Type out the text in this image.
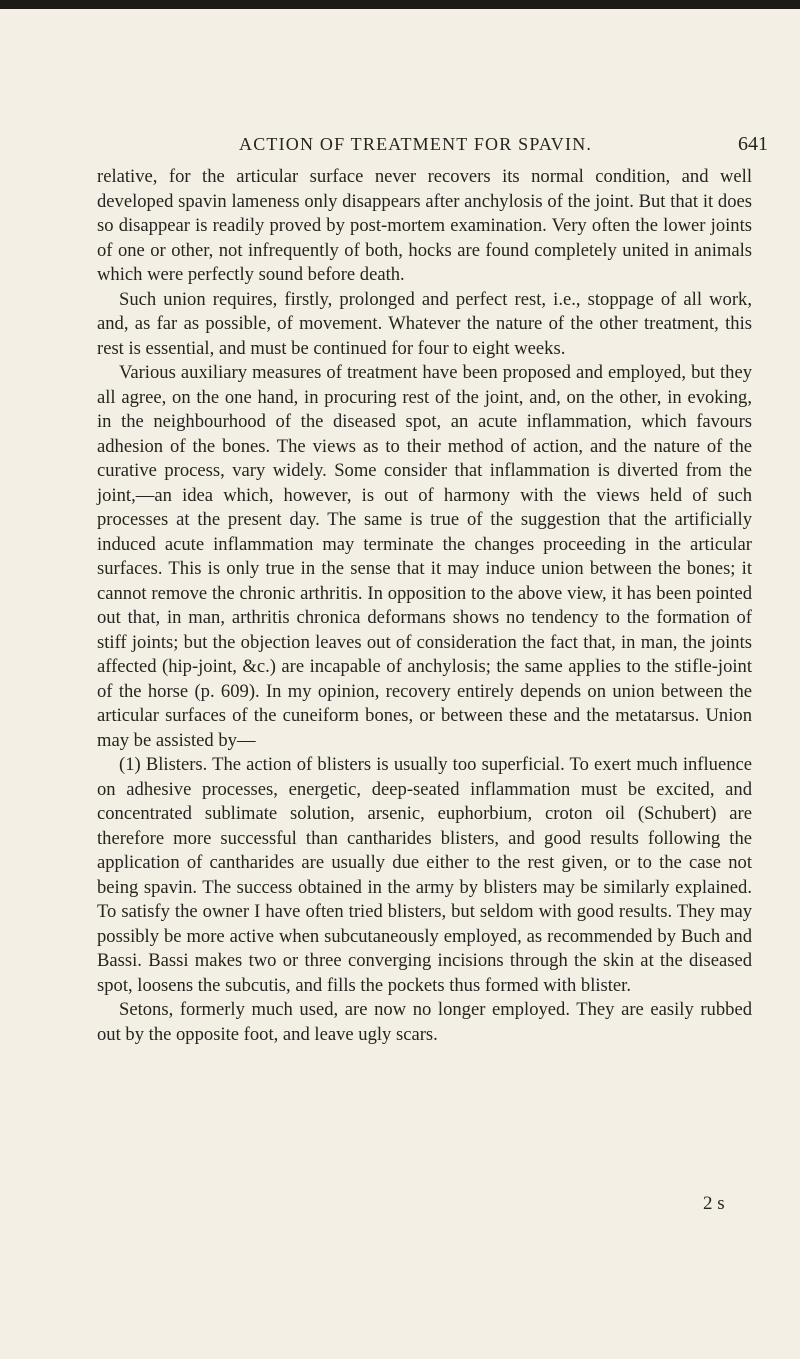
ACTION OF TREATMENT FOR SPAVIN.	641

relative, for the articular surface never recovers its normal condition, and well developed spavin lameness only disappears after anchylosis of the joint. But that it does so disappear is readily proved by post-mortem examination. Very often the lower joints of one or other, not infrequently of both, hocks are found completely united in animals which were perfectly sound before death.

Such union requires, firstly, prolonged and perfect rest, i.e., stoppage of all work, and, as far as possible, of movement. Whatever the nature of the other treatment, this rest is essential, and must be continued for four to eight weeks.

Various auxiliary measures of treatment have been proposed and employed, but they all agree, on the one hand, in procuring rest of the joint, and, on the other, in evoking, in the neighbourhood of the diseased spot, an acute inflammation, which favours adhesion of the bones. The views as to their method of action, and the nature of the curative process, vary widely. Some consider that inflammation is diverted from the joint,—an idea which, however, is out of harmony with the views held of such processes at the present day. The same is true of the suggestion that the artificially induced acute inflammation may terminate the changes proceeding in the articular surfaces. This is only true in the sense that it may induce union between the bones; it cannot remove the chronic arthritis. In opposition to the above view, it has been pointed out that, in man, arthritis chronica deformans shows no tendency to the formation of stiff joints; but the objection leaves out of consideration the fact that, in man, the joints affected (hip-joint, &c.) are incapable of anchylosis; the same applies to the stifle-joint of the horse (p. 609). In my opinion, recovery entirely depends on union between the articular surfaces of the cuneiform bones, or between these and the metatarsus. Union may be assisted by—

(1) Blisters. The action of blisters is usually too superficial. To exert much influence on adhesive processes, energetic, deep-seated inflammation must be excited, and concentrated sublimate solution, arsenic, euphorbium, croton oil (Schubert) are therefore more successful than cantharides blisters, and good results following the application of cantharides are usually due either to the rest given, or to the case not being spavin. The success obtained in the army by blisters may be similarly explained. To satisfy the owner I have often tried blisters, but seldom with good results. They may possibly be more active when subcutaneously employed, as recommended by Buch and Bassi. Bassi makes two or three converging incisions through the skin at the diseased spot, loosens the subcutis, and fills the pockets thus formed with blister.

Setons, formerly much used, are now no longer employed. They are easily rubbed out by the opposite foot, and leave ugly scars.

2 s
